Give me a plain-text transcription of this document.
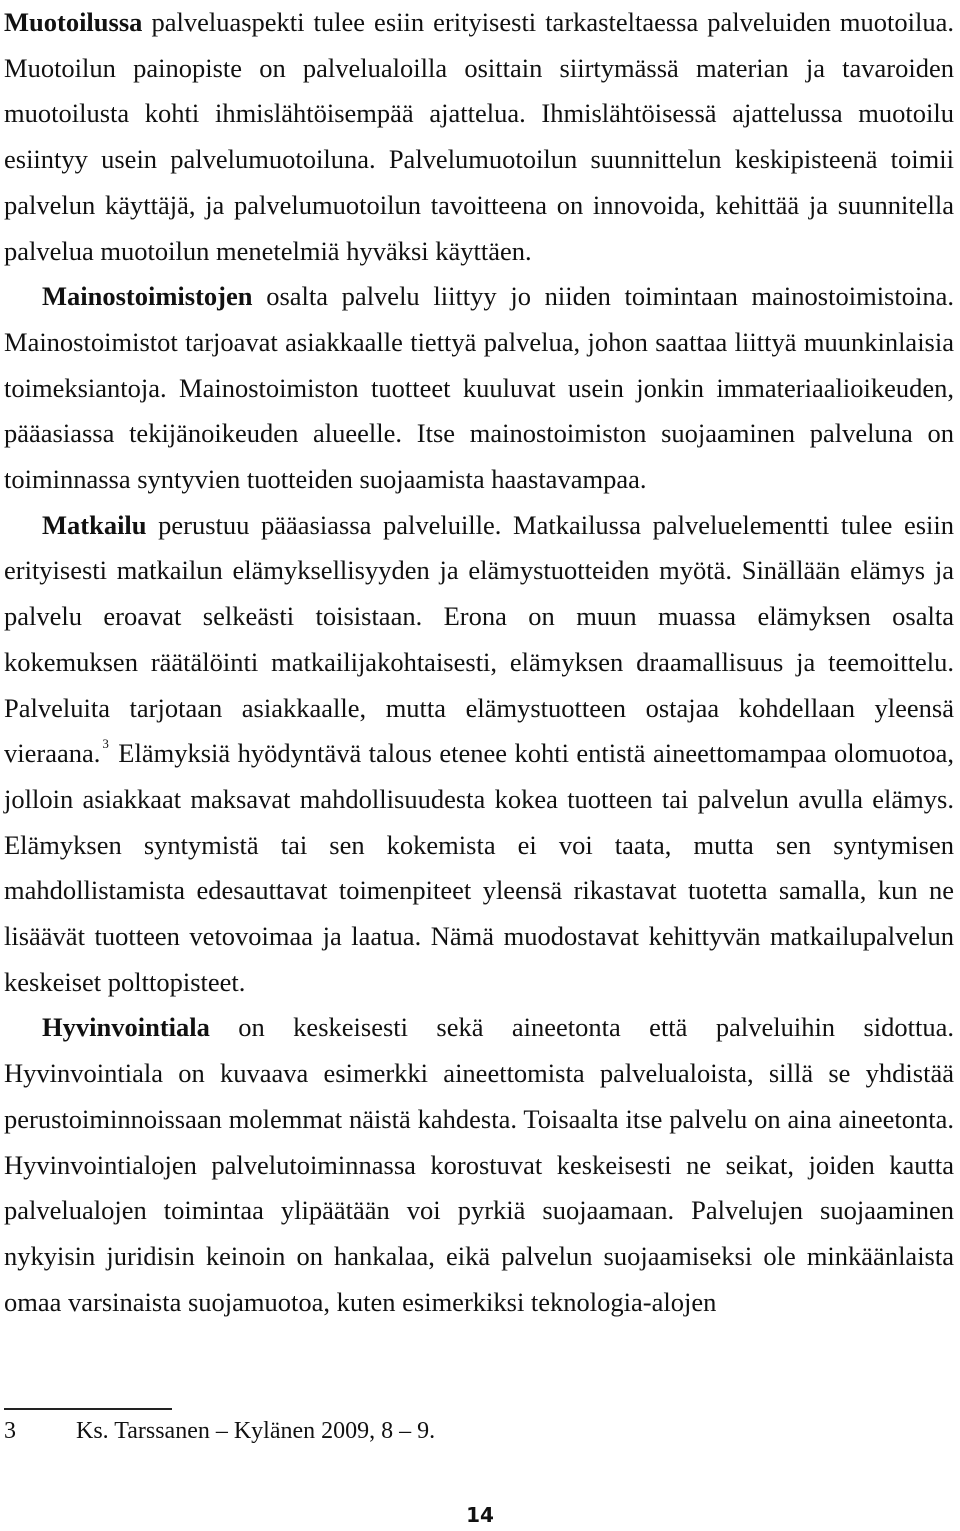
Muotoilussa palveluaspekti tulee esiin erityisesti tarkasteltaessa palveluiden muotoilua. Muotoilun painopiste on palvelualoilla osittain siirtymässä materian ja tavaroiden muotoilusta kohti ihmislähtöisempää ajattelua. Ihmislähtöisessä ajattelussa muotoilu esiintyy usein palvelumuotoiluna. Palvelumuotoilun suunnittelun keskipisteenä toimii palvelun käyttäjä, ja palvelumuotoilun tavoitteena on innovoida, kehittää ja suunnitella palvelua muotoilun menetelmiä hyväksi käyttäen.

Mainostoimistojen osalta palvelu liittyy jo niiden toimintaan mainostoimistoina. Mainostoimistot tarjoavat asiakkaalle tiettyä palvelua, johon saattaa liittyä muunkinlaisia toimeksiantoja. Mainostoimiston tuotteet kuuluvat usein jonkin immateriaalioikeuden, pääasiassa tekijänoikeuden alueelle. Itse mainostoimiston suojaaminen palveluna on toiminnassa syntyvien tuotteiden suojaamista haastavampaa.

Matkailu perustuu pääasiassa palveluille. Matkailussa palveluelementti tulee esiin erityisesti matkailun elämyksellisyyden ja elämystuotteiden myötä. Sinällään elämys ja palvelu eroavat selkeästi toisistaan. Erona on muun muassa elämyksen osalta kokemuksen räätälöinti matkailijakohtaisesti, elämyksen draamallisuus ja teemoittelu. Palveluita tarjotaan asiakkaalle, mutta elämystuotteen ostajaa kohdellaan yleensä vieraana. $^3$ Elämyksiä hyödyntävä talous etenee kohti entistä aineettomampaa olomuotoa, jolloin asiakkaat maksavat mahdollisuudesta kokea tuotteen tai palvelun avulla elämys. Elämyksen syntymistä tai sen kokemista ei voi taata, mutta sen syntymisen mahdollistamista edesauttavat toimenpiteet yleensä rikastavat tuotetta samalla, kun ne lisäävät tuotteen vetovoimaa ja laatua. Nämä muodostavat kehittyvän matkailupalvelun keskeiset polttopisteet.

Hyvinvointiala on keskeisesti sekä aineetonta että palveluihin sidottua. Hyvinvointiala on kuvaava esimerkki aineettomista palvelualoista, sillä se yhdistää perustoiminnoissaan molemmat näistä kahdesta. Toisaalta itse palvelu on aina aineetonta. Hyvinvointialojen palvelutoiminnassa korostuvat keskeisesti ne seikat, joiden kautta palvelualojen toimintaa ylipäätään voi pyrkiä suojaamaan. Palvelujen suojaaminen nykyisin juridisin keinoin on hankalaa, eikä palvelun suojaamiseksi ole minkäänlaista omaa varsinaista suojamuotoa, kuten esimerkiksi teknologia-alojen

3	Ks. Tarssanen – Kylänen 2009, 8 – 9.
14
